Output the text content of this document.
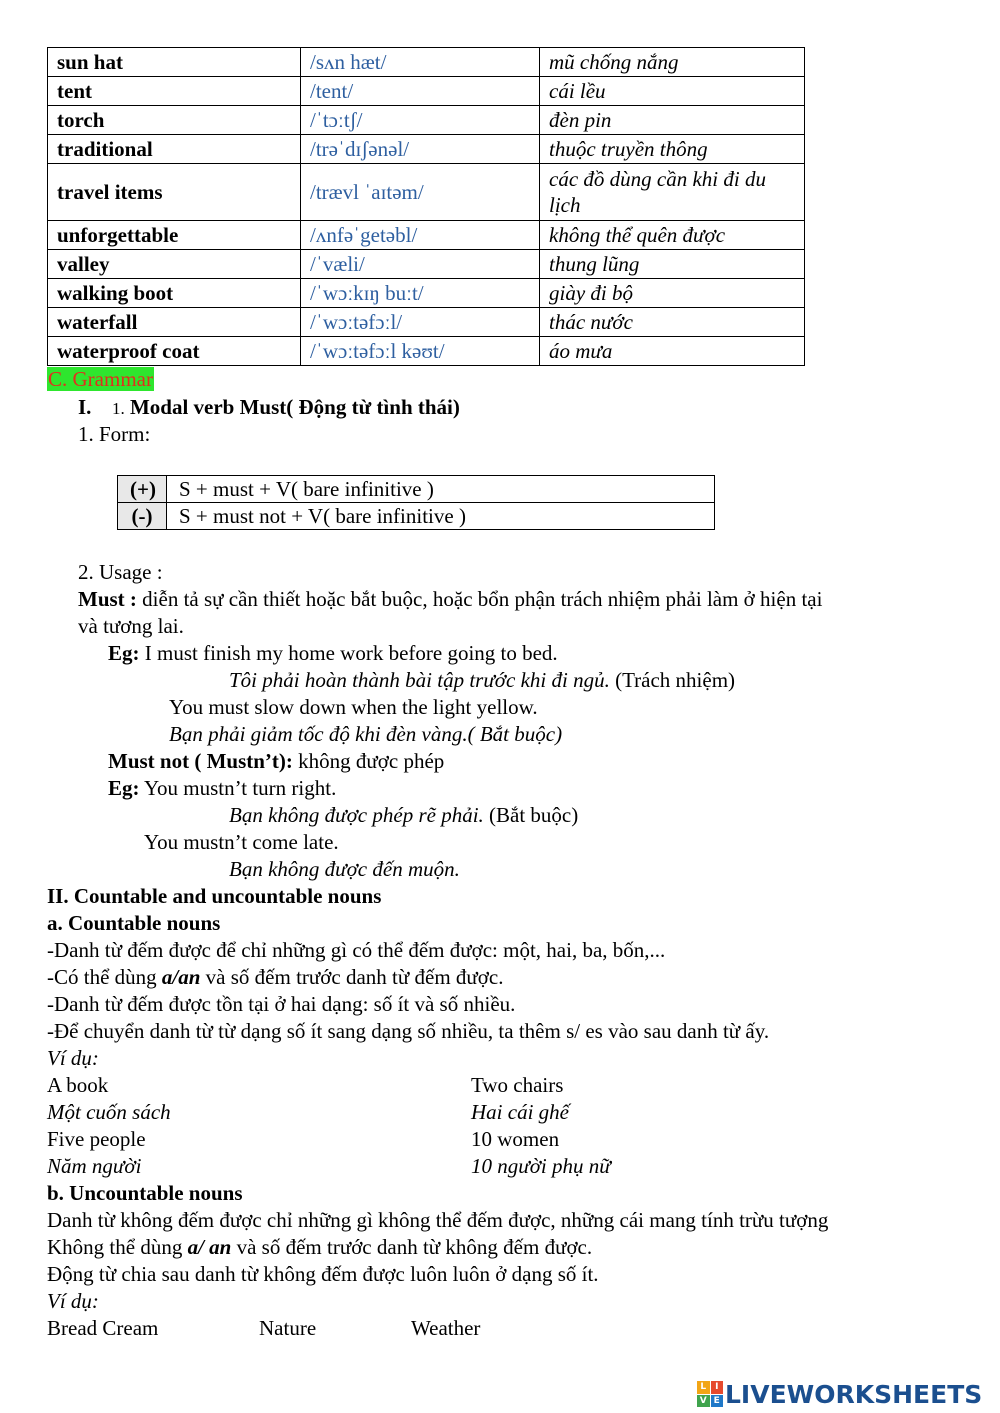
sun hat	/sʌn hæt/	mũ chống nắng
tent	/tent/	cái lều
torch	/ˈtɔːtʃ/	đèn pin
traditional	/trəˈdɪʃənəl/	thuộc truyền thông
travel items	/trævl ˈaɪtəm/	các đồ dùng cần khi đi du lịch
unforgettable	/ʌnfəˈgetəbl/	không thể quên được
valley	/ˈvæli/	thung lũng
walking boot	/ˈwɔːkɪŋ buːt/	giày đi bộ
waterfall	/ˈwɔːtəfɔːl/	thác nước
waterproof coat	/ˈwɔːtəfɔːl kəʊt/	áo mưa
C. Grammar
I. 1. Modal verb Must( Động từ tình thái)
1. Form:
(+)	S + must + V( bare infinitive )
(-)	S + must not + V( bare infinitive )
2. Usage :
Must : diễn tả sự cần thiết hoặc bắt buộc, hoặc bổn phận trách nhiệm phải làm ở hiện tại
và tương lai.
Eg: I must finish my home work before going to bed.
Tôi phải hoàn thành bài tập trước khi đi ngủ. (Trách nhiệm)
You must slow down when the light yellow.
Bạn phải giảm tốc độ khi đèn vàng.( Bắt buộc)
Must not ( Mustn’t): không được phép
Eg: You mustn’t turn right.
Bạn không được phép rẽ phải. (Bắt buộc)
You mustn’t come late.
Bạn không được đến muộn.
II. Countable and uncountable nouns
a. Countable nouns
-Danh từ đếm được để chỉ những gì có thể đếm được: một, hai, ba, bốn,...
-Có thể dùng a/an và số đếm trước danh từ đếm được.
-Danh từ đếm được tồn tại ở hai dạng: số ít và số nhiều.
-Để chuyển danh từ từ dạng số ít sang dạng số nhiều, ta thêm s/ es vào sau danh từ ấy.
Ví dụ:
A book	Two chairs
Một cuốn sách	Hai cái ghế
Five people	10 women
Năm người	10 người phụ nữ
b. Uncountable nouns
Danh từ không đếm được chỉ những gì không thể đếm được, những cái mang tính trừu tượng
Không thể dùng a/ an và số đếm trước danh từ không đếm được.
Động từ chia sau danh từ không đếm được luôn luôn ở dạng số ít.
Ví dụ:
Bread Cream	Nature	Weather
L I
V E LIVEWORKSHEETS
